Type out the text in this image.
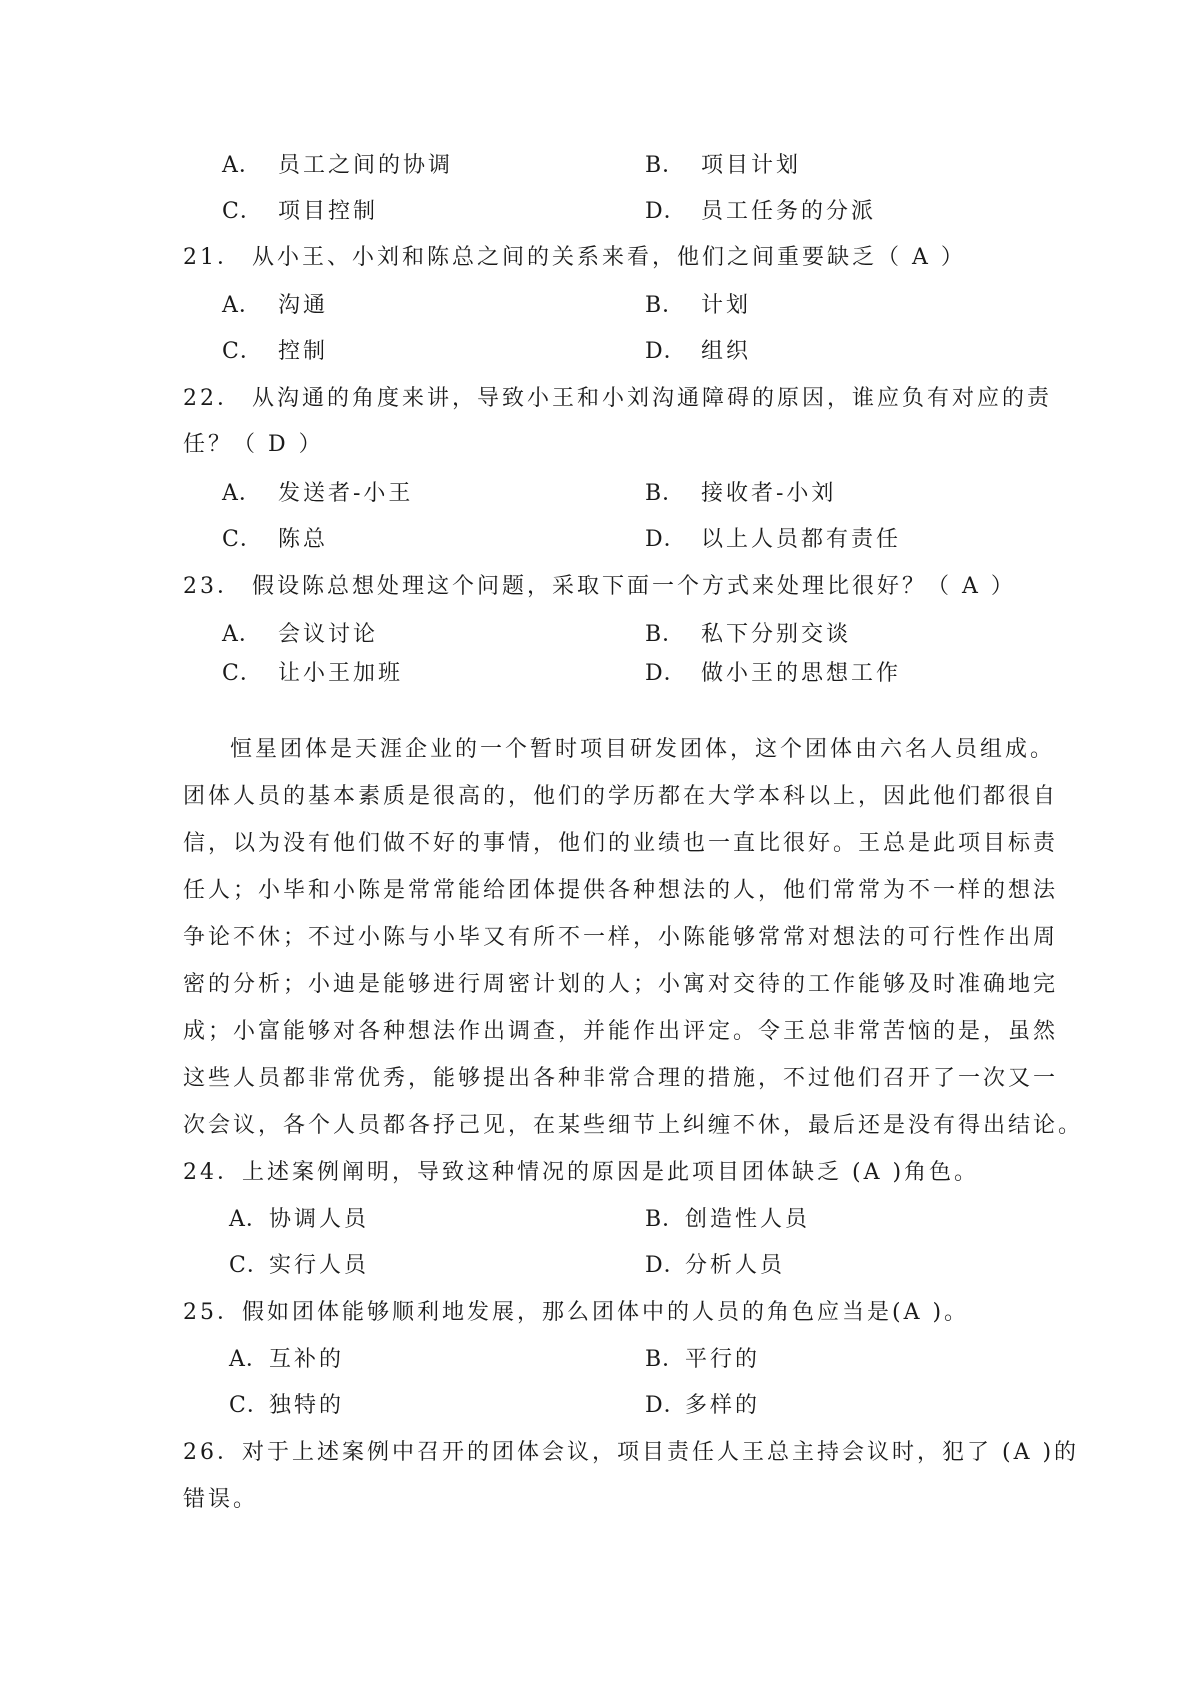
A． 员工之间的协调	B． 项目计划
C． 项目控制	D． 员工任务的分派
21． 从小王、小刘和陈总之间的关系来看，他们之间重要缺乏（ A ）
A． 沟通	B． 计划
C． 控制	D． 组织
22． 从沟通的角度来讲，导致小王和小刘沟通障碍的原因，谁应负有对应的责
任？（ D ）
A． 发送者-小王	B． 接收者-小刘
C． 陈总	D． 以上人员都有责任
23． 假设陈总想处理这个问题，采取下面一个方式来处理比很好？（ A ）
A． 会议讨论	B． 私下分别交谈
C． 让小王加班	D． 做小王的思想工作
恒星团体是天涯企业的一个暂时项目研发团体，这个团体由六名人员组成。
团体人员的基本素质是很高的，他们的学历都在大学本科以上，因此他们都很自
信，以为没有他们做不好的事情，他们的业绩也一直比很好。王总是此项目标责
任人；小毕和小陈是常常能给团体提供各种想法的人，他们常常为不一样的想法
争论不休；不过小陈与小毕又有所不一样，小陈能够常常对想法的可行性作出周
密的分析；小迪是能够进行周密计划的人；小寓对交待的工作能够及时准确地完
成；小富能够对各种想法作出调查，并能作出评定。令王总非常苦恼的是，虽然
这些人员都非常优秀，能够提出各种非常合理的措施，不过他们召开了一次又一
次会议，各个人员都各抒己见，在某些细节上纠缠不休，最后还是没有得出结论。
24．上述案例阐明，导致这种情况的原因是此项目团体缺乏 (A )角色。
A．协调人员	B．创造性人员
C．实行人员	D．分析人员
25．假如团体能够顺利地发展，那么团体中的人员的角色应当是(A )。
A．互补的	B．平行的
C．独特的	D．多样的
26．对于上述案例中召开的团体会议，项目责任人王总主持会议时，犯了 (A )的
错误。
